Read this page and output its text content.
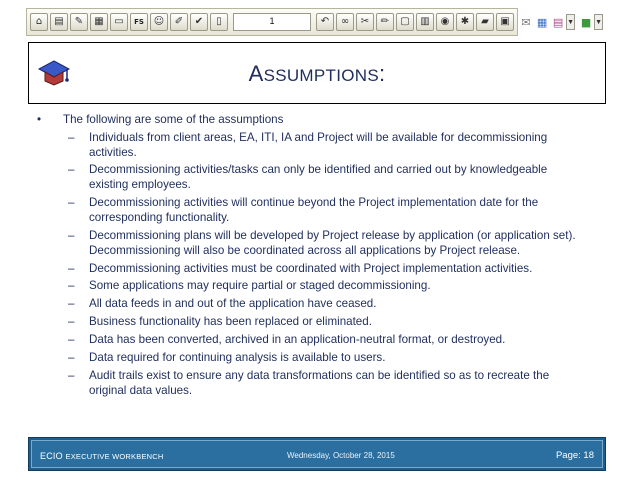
⌂	▤	✎	▦	▭	FS ☺	✐	✔	▯	1	↶	∞	✂	✏	▢	▥	◉	✱	▰	▣	✉ ▦ ▤ ▼ ■ ▼
ASSUMPTIONS:
• The following are some of the assumptions
– Individuals from client areas, EA, ITI, IA and Project will be available for decommissioning activities.
– Decommissioning activities/tasks can only be identified and carried out by knowledgeable existing employees.
– Decommissioning activities will continue beyond the Project implementation date for the corresponding functionality.
– Decommissioning plans will be developed by Project release by application (or application set). Decommissioning will also be coordinated across all applications by Project release.
– Decommissioning activities must be coordinated with Project implementation activities.
– Some applications may require partial or staged decommissioning.
– All data feeds in and out of the application have ceased.
– Business functionality has been replaced or eliminated.
– Data has been converted, archived in an application-neutral format, or destroyed.
– Data required for continuing analysis is available to users.
– Audit trails exist to ensure any data transformations can be identified so as to recreate the original data values.
ECIO EXECUTIVE WORKBENCH	Wednesday, October 28, 2015	Page: 18
